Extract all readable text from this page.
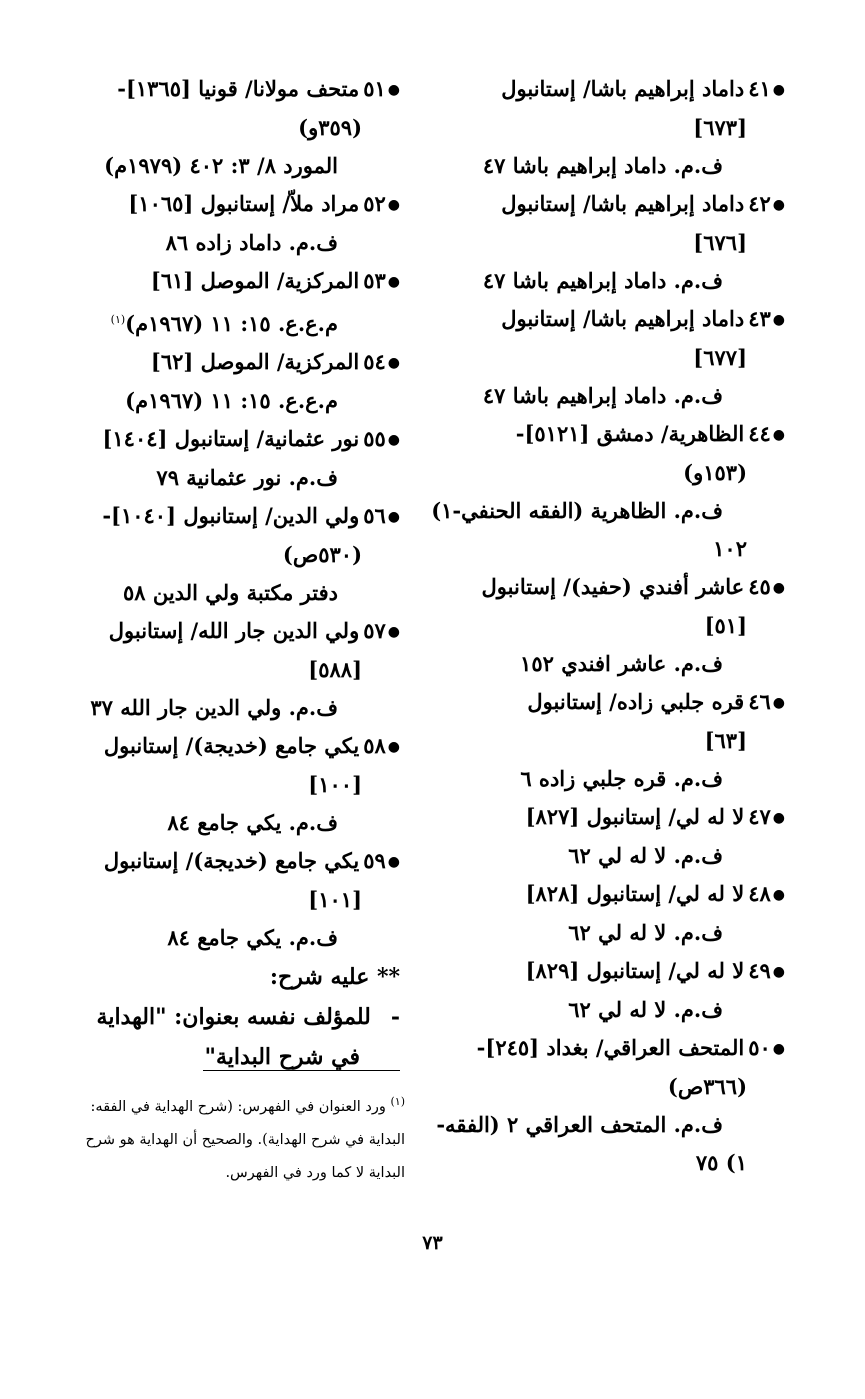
●٤١داماد إبراهيم باشا/ إستانبول
[٦٧٣]
ف.م. داماد إبراهيم باشا ٤٧
●٤٢داماد إبراهيم باشا/ إستانبول
[٦٧٦]
ف.م. داماد إبراهيم باشا ٤٧
●٤٣داماد إبراهيم باشا/ إستانبول
[٦٧٧]
ف.م. داماد إبراهيم باشا ٤٧
●٤٤الظاهرية/ دمشق [٥١٢١]-
(١٥٣و)
ف.م. الظاهرية (الفقه الحنفي-١)
١٠٢
●٤٥عاشر أفندي (حفيد)/ إستانبول
[٥١]
ف.م. عاشر افندي ١٥٢
●٤٦قره جلبي زاده/ إستانبول
[٦٣]
ف.م. قره جلبي زاده ٦
●٤٧لا له لي/ إستانبول [٨٢٧]
ف.م. لا له لي ٦٢
●٤٨لا له لي/ إستانبول [٨٢٨]
ف.م. لا له لي ٦٢
●٤٩لا له لي/ إستانبول [٨٢٩]
ف.م. لا له لي ٦٢
●٥٠المتحف العراقي/ بغداد [٢٤٥]-
(٣٦٦ص)
ف.م. المتحف العراقي ٢ (الفقه-
١) ٧٥
●٥١متحف مولانا/ قونيا [١٣٦٥]-
(٣٥٩و)
المورد ٨/ ٣: ٤٠٢ (١٩٧٩م)
●٥٢مراد ملاّ/ إستانبول [١٠٦٥]
ف.م. داماد زاده ٨٦
●٥٣المركزية/ الموصل [٦١]
م.ع.ع. ١٥: ١١ (١٩٦٧م)$^{(١)}$
●٥٤المركزية/ الموصل [٦٢]
م.ع.ع. ١٥: ١١ (١٩٦٧م)
●٥٥نور عثمانية/ إستانبول [١٤٠٤]
ف.م. نور عثمانية ٧٩
●٥٦ولي الدين/ إستانبول [١٠٤٠]-
(٥٣٠ص)
دفتر مكتبة ولي الدين ٥٨
●٥٧ولي الدين جار الله/ إستانبول
[٥٨٨]
ف.م. ولي الدين جار الله ٣٧
●٥٨يكي جامع (خديجة)/ إستانبول
[١٠٠]
ف.م. يكي جامع ٨٤
●٥٩يكي جامع (خديجة)/ إستانبول
[١٠١]
ف.م. يكي جامع ٨٤
** عليه شرح:
-للمؤلف نفسه بعنوان: "الهداية
في شرح البداية"
$^{(١)}$ ورد العنوان في الفهرس: (شرح الهداية في الفقه: البداية في شرح الهداية). والصحيح أن الهداية هو شرح البداية لا كما ورد في الفهرس.
٧٣
